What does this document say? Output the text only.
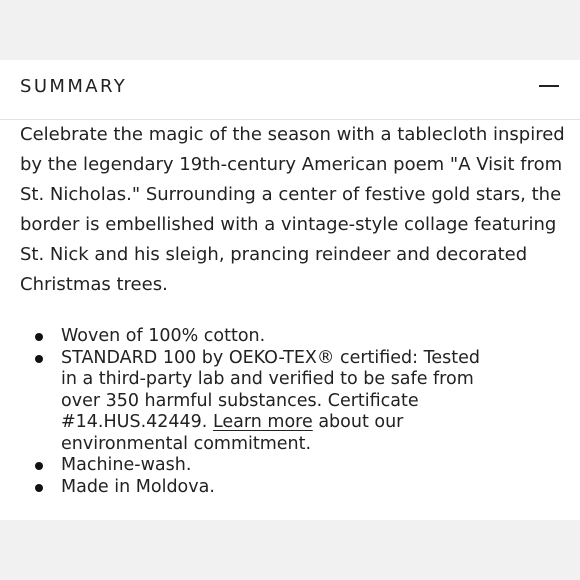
SUMMARY

Celebrate the magic of the season with a tablecloth inspired by the legendary 19th-century American poem "A Visit from St. Nicholas." Surrounding a center of festive gold stars, the border is embellished with a vintage-style collage featuring St. Nick and his sleigh, prancing reindeer and decorated Christmas trees.

Woven of 100% cotton.
STANDARD 100 by OEKO-TEX® certified: Tested in a third-party lab and verified to be safe from over 350 harmful substances. Certificate #14.HUS.42449. Learn more about our environmental commitment.
Machine-wash.
Made in Moldova.
